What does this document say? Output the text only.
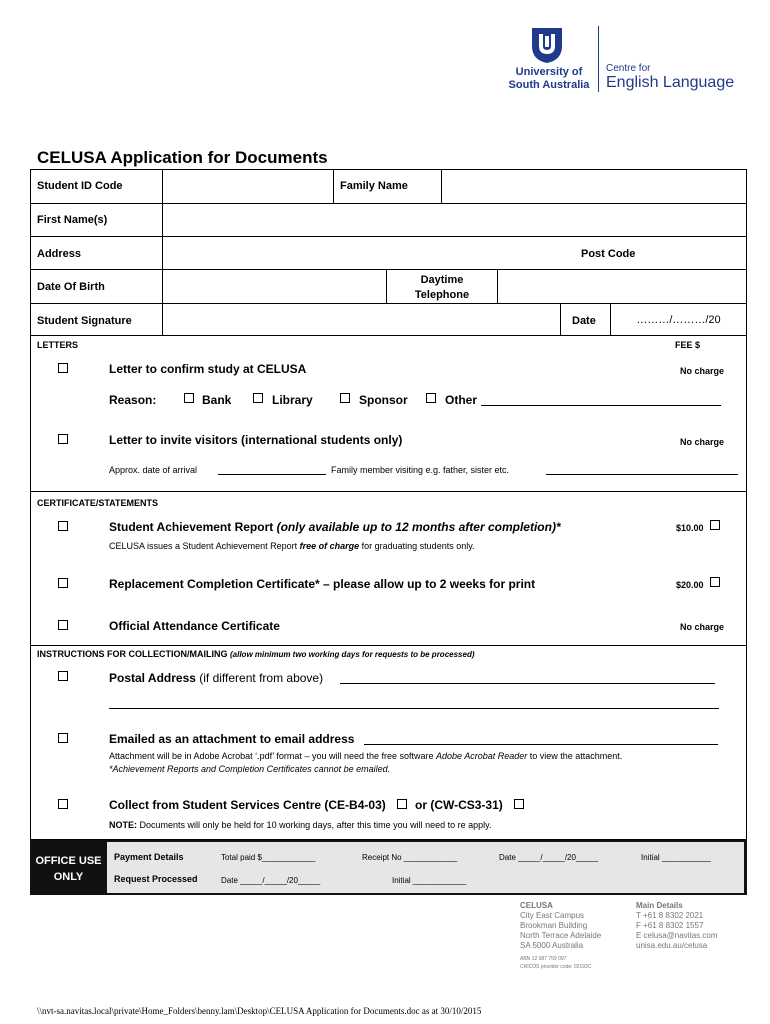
University of
South Australia
Centre for
English Language
CELUSA Application for Documents
Student ID Code	Family Name
First Name(s)
Address	Post Code
Date Of Birth
Daytime
Telephone
Student Signature	Date	………/………/20
LETTERS	FEE $
Letter to confirm study at CELUSA	No charge
Reason:	Bank	Library	Sponsor	Other
Letter to invite visitors (international students only)	No charge
Approx. date of arrival	Family member visiting e.g. father, sister etc.
CERTIFICATE/STATEMENTS
Student Achievement Report (only available up to 12 months after completion)*
CELUSA issues a Student Achievement Report free of charge for graduating students only.
$10.00
Replacement Completion Certificate* – please allow up to 2 weeks for print	$20.00
Official Attendance Certificate	No charge
INSTRUCTIONS FOR COLLECTION/MAILING (allow minimum two working days for requests to be processed)
Postal Address (if different from above)
Emailed as an attachment to email address
Attachment will be in Adobe Acrobat ‘.pdf’ format – you will need the free software Adobe Acrobat Reader to view the attachment.
*Achievement Reports and Completion Certificates cannot be emailed.
Collect from Student Services Centre (CE-B4-03) or (CW-CS3-31)
NOTE: Documents will only be held for 10 working days, after this time you will need to re apply.
OFFICE USE
ONLY
Payment Details	Total paid $____________	Receipt No ____________	Date _____/_____/20_____	Initial ___________
Request Processed	Date _____/_____/20_____	Initial ____________
CELUSA
City East Campus
Brookman Building
North Terrace Adelaide
SA 5000 Australia
ABN 12 087 759 097
CRICOS provider code: 02193C
Main Details
T +61 8 8302 2021
F +61 8 8302 1557
E celusa@navitas.com
unisa.edu.au/celusa
\\nvt-sa.navitas.local\private\Home_Folders\benny.lam\Desktop\CELUSA Application for Documents.doc as at 30/10/2015
